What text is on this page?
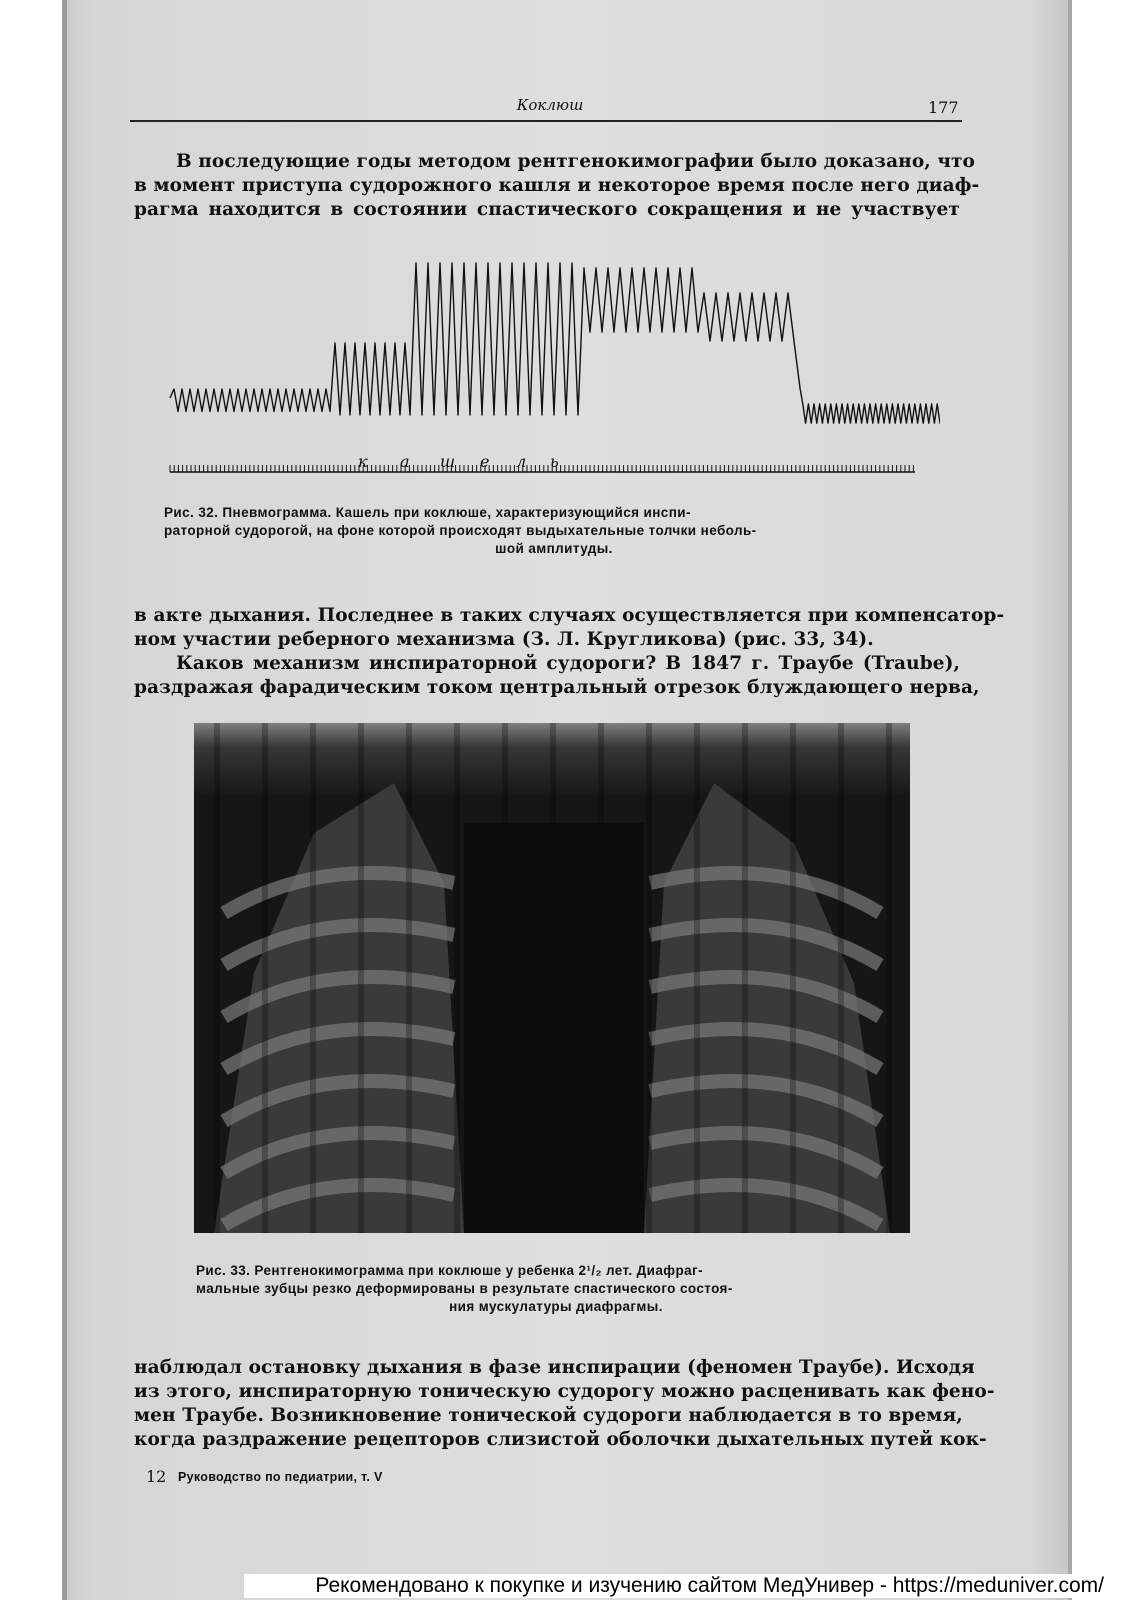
Коклюш	177
В последующие годы методом рентгенокимографии было доказано, что
в момент приступа судорожного кашля и некоторое время после него диаф-
рагма находится в состоянии спастического сокращения и не участвует
к а ш е л ь
Рис. 32. Пневмограмма. Кашель при коклюше, характеризующийся инспи-
раторной судорогой, на фоне которой происходят выдыхательные толчки неболь-
шой амплитуды.
в акте дыхания. Последнее в таких случаях осуществляется при компенсатор-
ном участии реберного механизма (З. Л. Кругликова) (рис. 33, 34).
Каков механизм инспираторной судороги? В 1847 г. Траубе (Traube),
раздражая фарадическим током центральный отрезок блуждающего нерва,
Рис. 33. Рентгенокимограмма при коклюше у ребенка 2¹/₂ лет. Диафраг-
мальные зубцы резко деформированы в результате спастического состоя-
ния мускулатуры диафрагмы.
наблюдал остановку дыхания в фазе инспирации (феномен Траубе). Исходя
из этого, инспираторную тоническую судорогу можно расценивать как фено-
мен Траубе. Возникновение тонической судороги наблюдается в то время,
когда раздражение рецепторов слизистой оболочки дыхательных путей кок-
12 Руководство по педиатрии, т. V
Рекомендовано к покупке и изучению сайтом МедУнивер - https://meduniver.com/
